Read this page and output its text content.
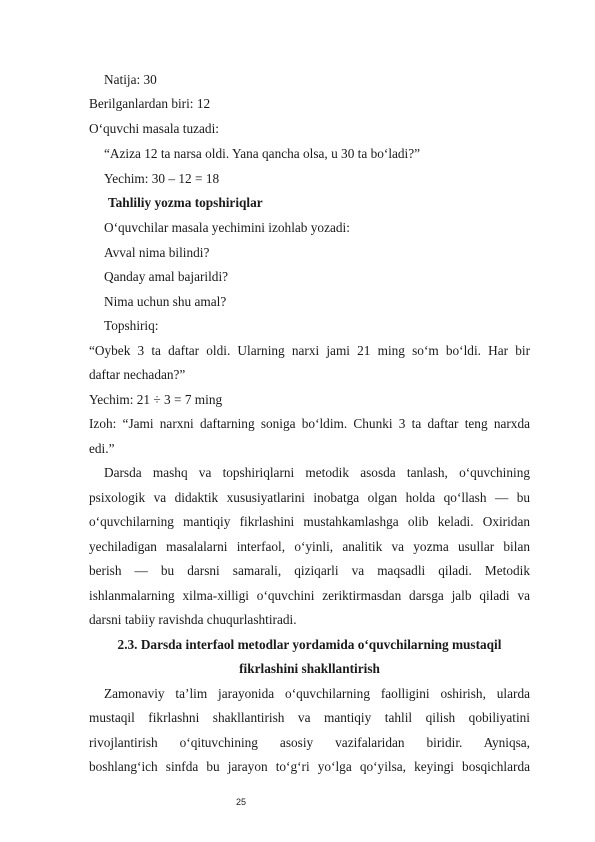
Natija: 30
Berilganlardan biri: 12
O‘quvchi masala tuzadi:
“Aziza 12 ta narsa oldi. Yana qancha olsa, u 30 ta bo‘ladi?”
Yechim: 30 – 12 = 18
Tahliliy yozma topshiriqlar
O‘quvchilar masala yechimini izohlab yozadi:
Avval nima bilindi?
Qanday amal bajarildi?
Nima uchun shu amal?
Topshiriq:
“Oybek 3 ta daftar oldi. Ularning narxi jami 21 ming so‘m bo‘ldi. Har bir
daftar nechadan?”
Yechim: 21 ÷ 3 = 7 ming
Izoh: “Jami narxni daftarning soniga bo‘ldim. Chunki 3 ta daftar teng narxda
edi.”
Darsda mashq va topshiriqlarni metodik asosda tanlash, o‘quvchining
psixologik va didaktik xususiyatlarini inobatga olgan holda qo‘llash — bu
o‘quvchilarning mantiqiy fikrlashini mustahkamlashga olib keladi. Oxiridan
yechiladigan masalalarni interfaol, o‘yinli, analitik va yozma usullar bilan
berish — bu darsni samarali, qiziqarli va maqsadli qiladi. Metodik
ishlanmalarning xilma-xilligi o‘quvchini zeriktirmasdan darsga jalb qiladi va
darsni tabiiy ravishda chuqurlashtiradi.
2.3. Darsda interfaol metodlar yordamida o‘quvchilarning mustaqil
fikrlashini shakllantirish
Zamonaviy ta’lim jarayonida o‘quvchilarning faolligini oshirish, ularda
mustaqil fikrlashni shakllantirish va mantiqiy tahlil qilish qobiliyatini
rivojlantirish o‘qituvchining asosiy vazifalaridan biridir. Ayniqsa,
boshlang‘ich sinfda bu jarayon to‘g‘ri yo‘lga qo‘yilsa, keyingi bosqichlarda
25
